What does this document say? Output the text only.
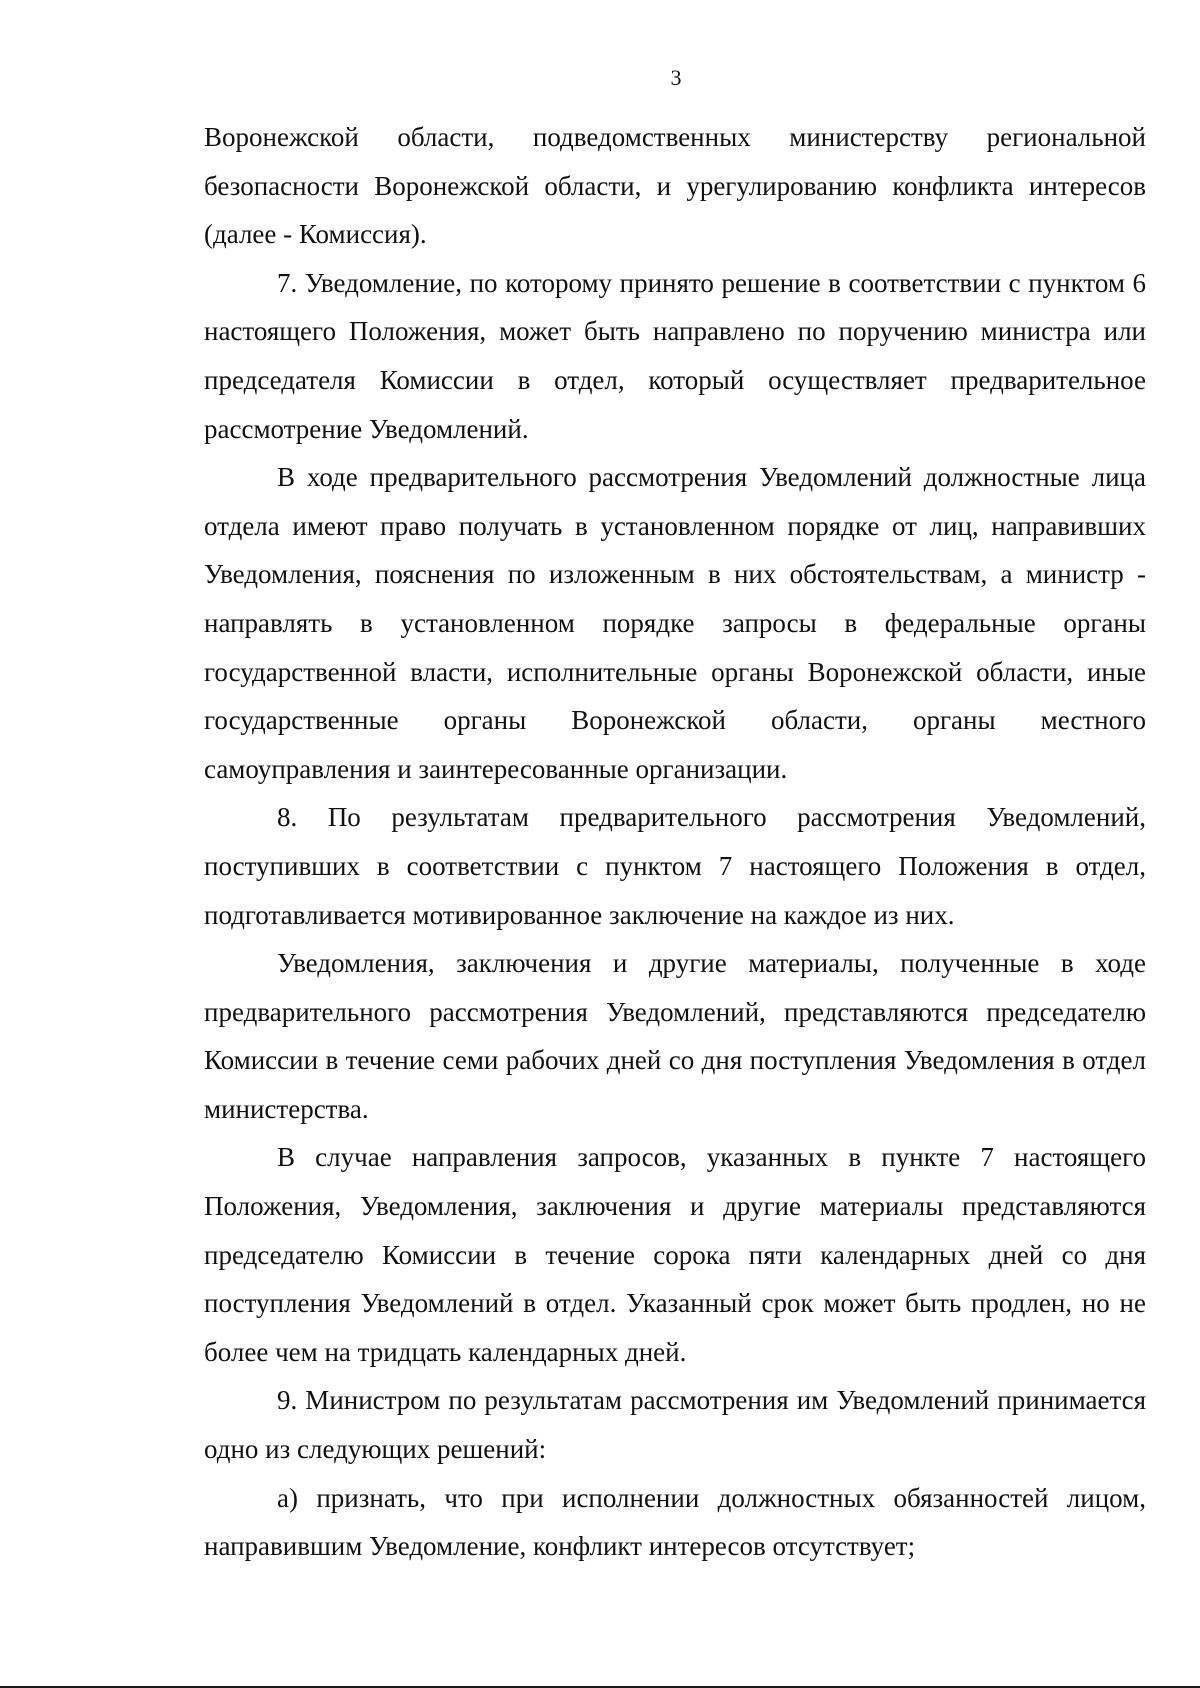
3

Воронежской области, подведомственных министерству региональной безопасности Воронежской области, и урегулированию конфликта интересов (далее - Комиссия).

7. Уведомление, по которому принято решение в соответствии с пунктом 6 настоящего Положения, может быть направлено по поручению министра или председателя Комиссии в отдел, который осуществляет предварительное рассмотрение Уведомлений.

В ходе предварительного рассмотрения Уведомлений должностные лица отдела имеют право получать в установленном порядке от лиц, направивших Уведомления, пояснения по изложенным в них обстоятельствам, а министр - направлять в установленном порядке запросы в федеральные органы государственной власти, исполнительные органы Воронежской области, иные государственные органы Воронежской области, органы местного самоуправления и заинтересованные организации.

8. По результатам предварительного рассмотрения Уведомлений, поступивших в соответствии с пунктом 7 настоящего Положения в отдел, подготавливается мотивированное заключение на каждое из них.

Уведомления, заключения и другие материалы, полученные в ходе предварительного рассмотрения Уведомлений, представляются председателю Комиссии в течение семи рабочих дней со дня поступления Уведомления в отдел министерства.

В случае направления запросов, указанных в пункте 7 настоящего Положения, Уведомления, заключения и другие материалы представляются председателю Комиссии в течение сорока пяти календарных дней со дня поступления Уведомлений в отдел. Указанный срок может быть продлен, но не более чем на тридцать календарных дней.

9. Министром по результатам рассмотрения им Уведомлений принимается одно из следующих решений:

а) признать, что при исполнении должностных обязанностей лицом, направившим Уведомление, конфликт интересов отсутствует;
